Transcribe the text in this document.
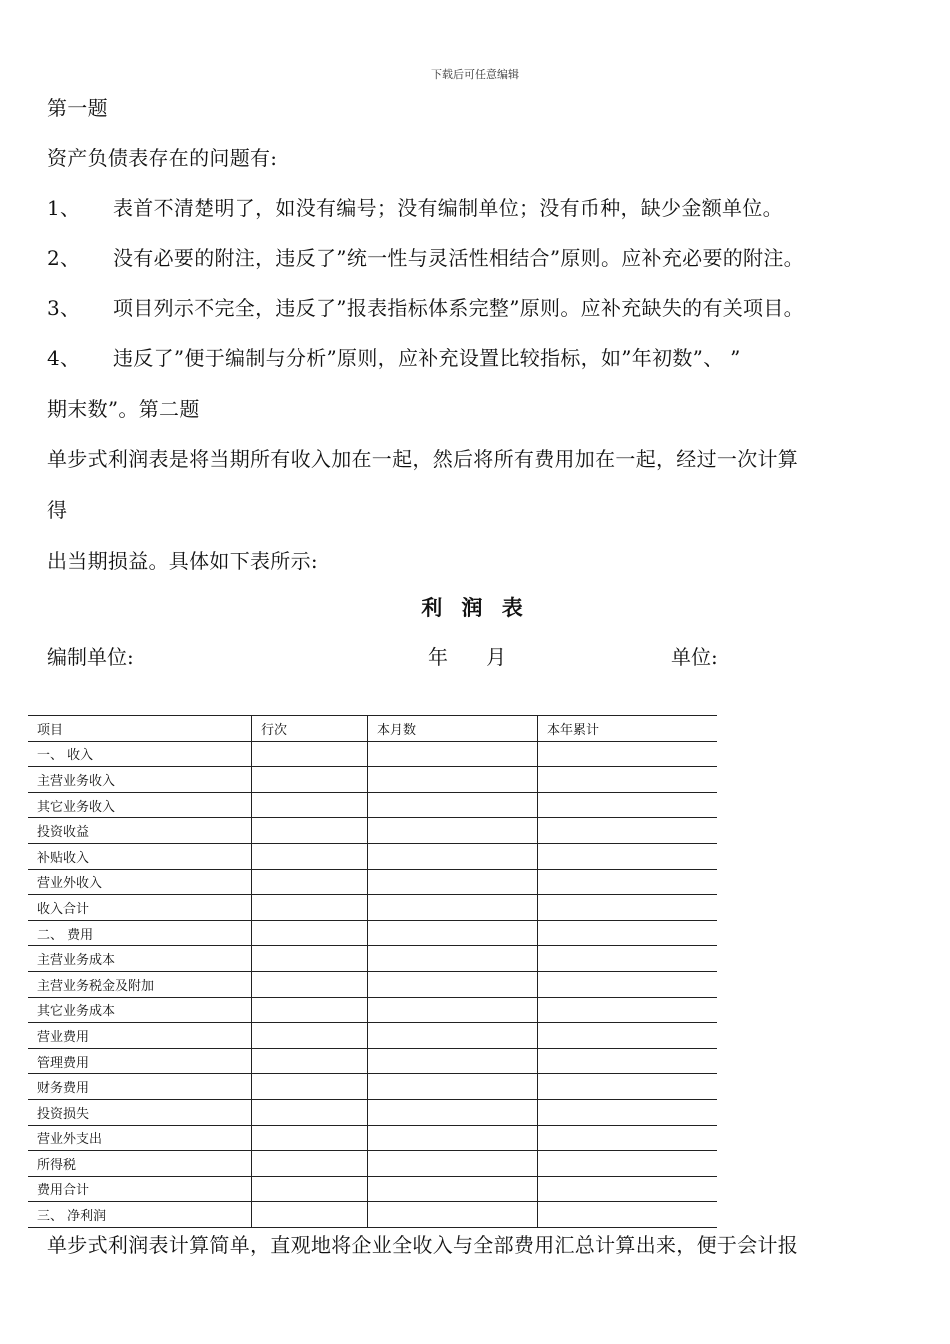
下载后可任意编辑
第一题
资产负债表存在的问题有:
1、 表首不清楚明了，如没有编号；没有编制单位；没有币种，缺少金额单位。
2、 没有必要的附注，违反了”统一性与灵活性相结合”原则。应补充必要的附注。
3、 项目列示不完全，违反了”报表指标体系完整”原则。应补充缺失的有关项目。
4、 违反了”便于编制与分析”原则，应补充设置比较指标，如”年初数”、 ”
期末数”。第二题
单步式利润表是将当期所有收入加在一起，然后将所有费用加在一起，经过一次计算
得
出当期损益。具体如下表所示:
利 润 表
编制单位:	年      月	单位:
项目	行次	本月数	本年累计
一、 收入			
主营业务收入			
其它业务收入			
投资收益			
补贴收入			
营业外收入			
收入合计			
二、 费用			
主营业务成本			
主营业务税金及附加			
其它业务成本			
营业费用			
管理费用			
财务费用			
投资损失			
营业外支出			
所得税			
费用合计			
三、 净利润			
单步式利润表计算简单，直观地将企业全收入与全部费用汇总计算出来，便于会计报
